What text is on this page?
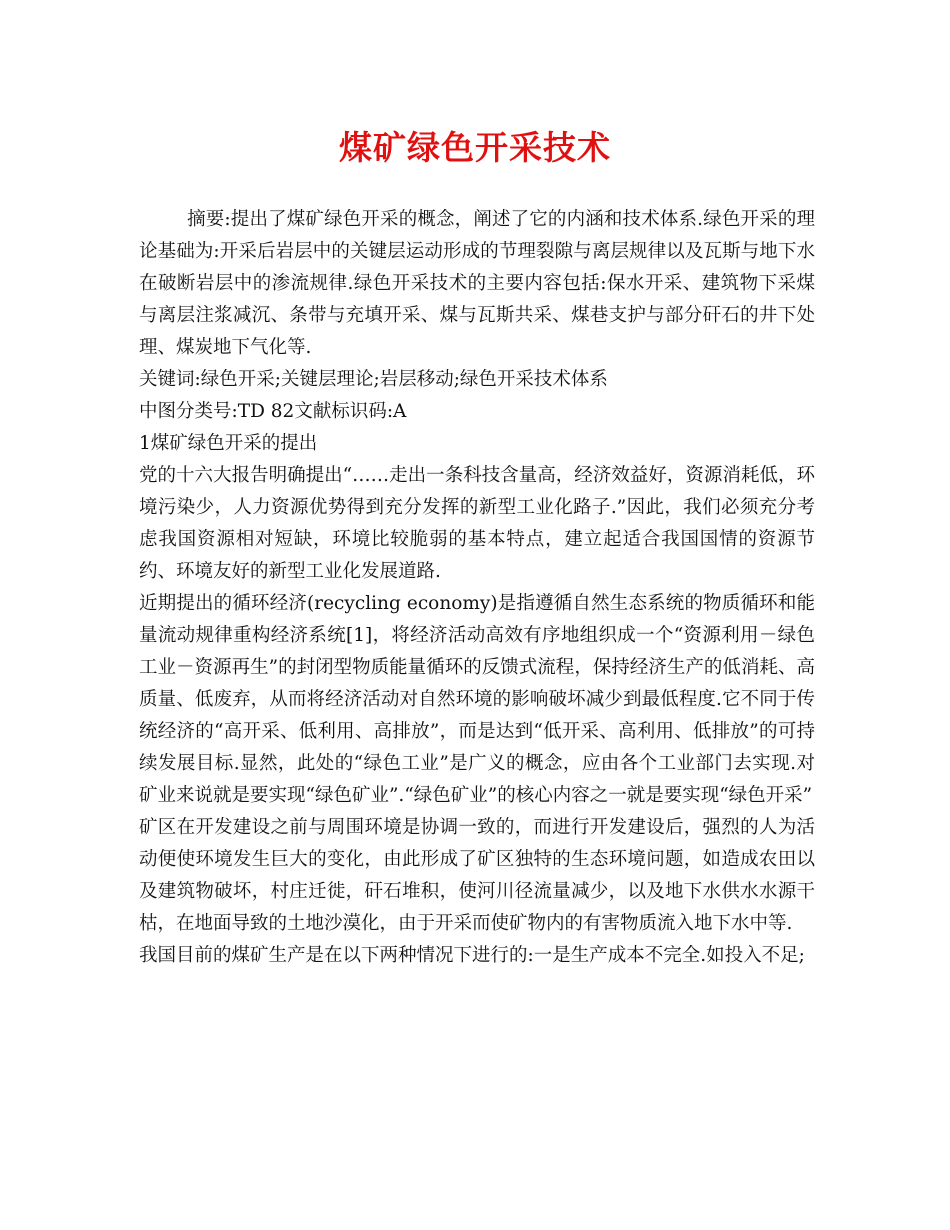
煤矿绿色开采技术

摘要:提出了煤矿绿色开采的概念，阐述了它的内涵和技术体系.绿色开采的理论基础为:开采后岩层中的关键层运动形成的节理裂隙与离层规律以及瓦斯与地下水在破断岩层中的渗流规律.绿色开采技术的主要内容包括:保水开采、建筑物下采煤与离层注浆减沉、条带与充填开采、煤与瓦斯共采、煤巷支护与部分矸石的井下处理、煤炭地下气化等.

关键词:绿色开采;关键层理论;岩层移动;绿色开采技术体系

中图分类号:TD 82文献标识码:A

1煤矿绿色开采的提出

党的十六大报告明确提出“……走出一条科技含量高，经济效益好，资源消耗低，环境污染少，人力资源优势得到充分发挥的新型工业化路子.”因此，我们必须充分考虑我国资源相对短缺，环境比较脆弱的基本特点，建立起适合我国国情的资源节约、环境友好的新型工业化发展道路.

近期提出的循环经济(recycling economy)是指遵循自然生态系统的物质循环和能量流动规律重构经济系统[1]，将经济活动高效有序地组织成一个“资源利用－绿色工业－资源再生”的封闭型物质能量循环的反馈式流程，保持经济生产的低消耗、高质量、低废弃，从而将经济活动对自然环境的影响破坏减少到最低程度.它不同于传统经济的“高开采、低利用、高排放”，而是达到“低开采、高利用、低排放”的可持续发展目标.显然，此处的“绿色工业”是广义的概念，应由各个工业部门去实现.对矿业来说就是要实现“绿色矿业”.“绿色矿业”的核心内容之一就是要实现“绿色开采”

矿区在开发建设之前与周围环境是协调一致的，而进行开发建设后，强烈的人为活动便使环境发生巨大的变化，由此形成了矿区独特的生态环境问题，如造成农田以及建筑物破坏，村庄迁徙，矸石堆积，使河川径流量减少，以及地下水供水水源干枯，在地面导致的土地沙漠化，由于开采而使矿物内的有害物质流入地下水中等.

我国目前的煤矿生产是在以下两种情况下进行的:一是生产成本不完全.如投入不足;
